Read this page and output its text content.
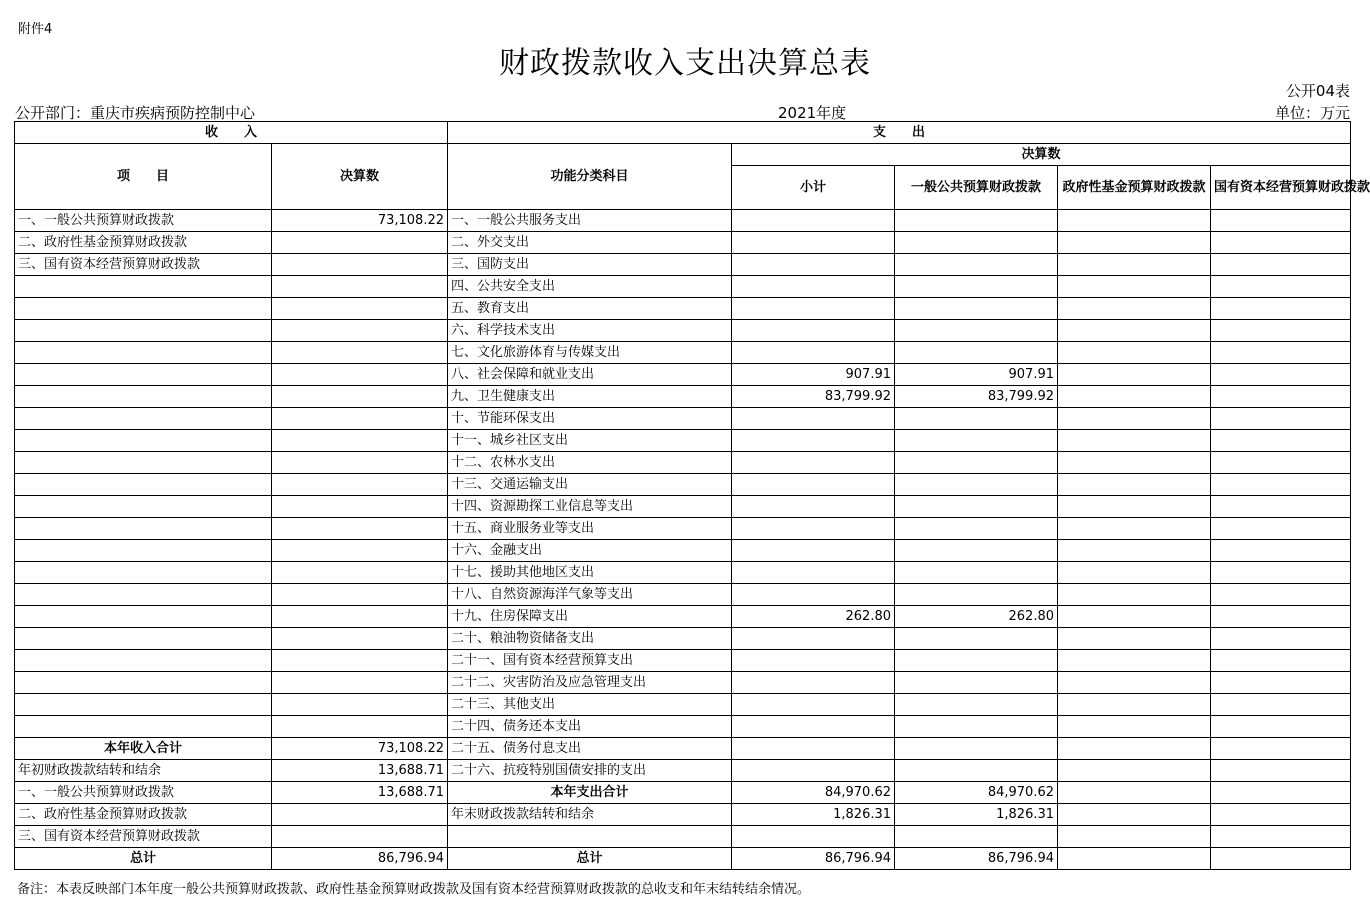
附件4
财政拨款收入支出决算总表
公开04表
公开部门：重庆市疾病预防控制中心	2021年度	单位：万元
收　　入		支　　出				
项　　目	决算数	功能分类科目	决算数			
			小计	一般公共预算财政拨款	政府性基金预算财政拨款	国有资本经营预算财政拨款
一、一般公共预算财政拨款	73,108.22	一、一般公共服务支出				
二、政府性基金预算财政拨款		二、外交支出				
三、国有资本经营预算财政拨款		三、国防支出				
		四、公共安全支出				
		五、教育支出				
		六、科学技术支出				
		七、文化旅游体育与传媒支出				
		八、社会保障和就业支出	907.91	907.91		
		九、卫生健康支出	83,799.92	83,799.92		
		十、节能环保支出				
		十一、城乡社区支出				
		十二、农林水支出				
		十三、交通运输支出				
		十四、资源勘探工业信息等支出				
		十五、商业服务业等支出				
		十六、金融支出				
		十七、援助其他地区支出				
		十八、自然资源海洋气象等支出				
		十九、住房保障支出	262.80	262.80		
		二十、粮油物资储备支出				
		二十一、国有资本经营预算支出				
		二十二、灾害防治及应急管理支出				
		二十三、其他支出				
		二十四、债务还本支出				
本年收入合计	73,108.22	二十五、债务付息支出				
年初财政拨款结转和结余	13,688.71	二十六、抗疫特别国债安排的支出				
一、一般公共预算财政拨款	13,688.71	本年支出合计	84,970.62	84,970.62		
二、政府性基金预算财政拨款		年末财政拨款结转和结余	1,826.31	1,826.31		
三、国有资本经营预算财政拨款						
总计	86,796.94	总计	86,796.94	86,796.94		
备注：本表反映部门本年度一般公共预算财政拨款、政府性基金预算财政拨款及国有资本经营预算财政拨款的总收支和年末结转结余情况。
